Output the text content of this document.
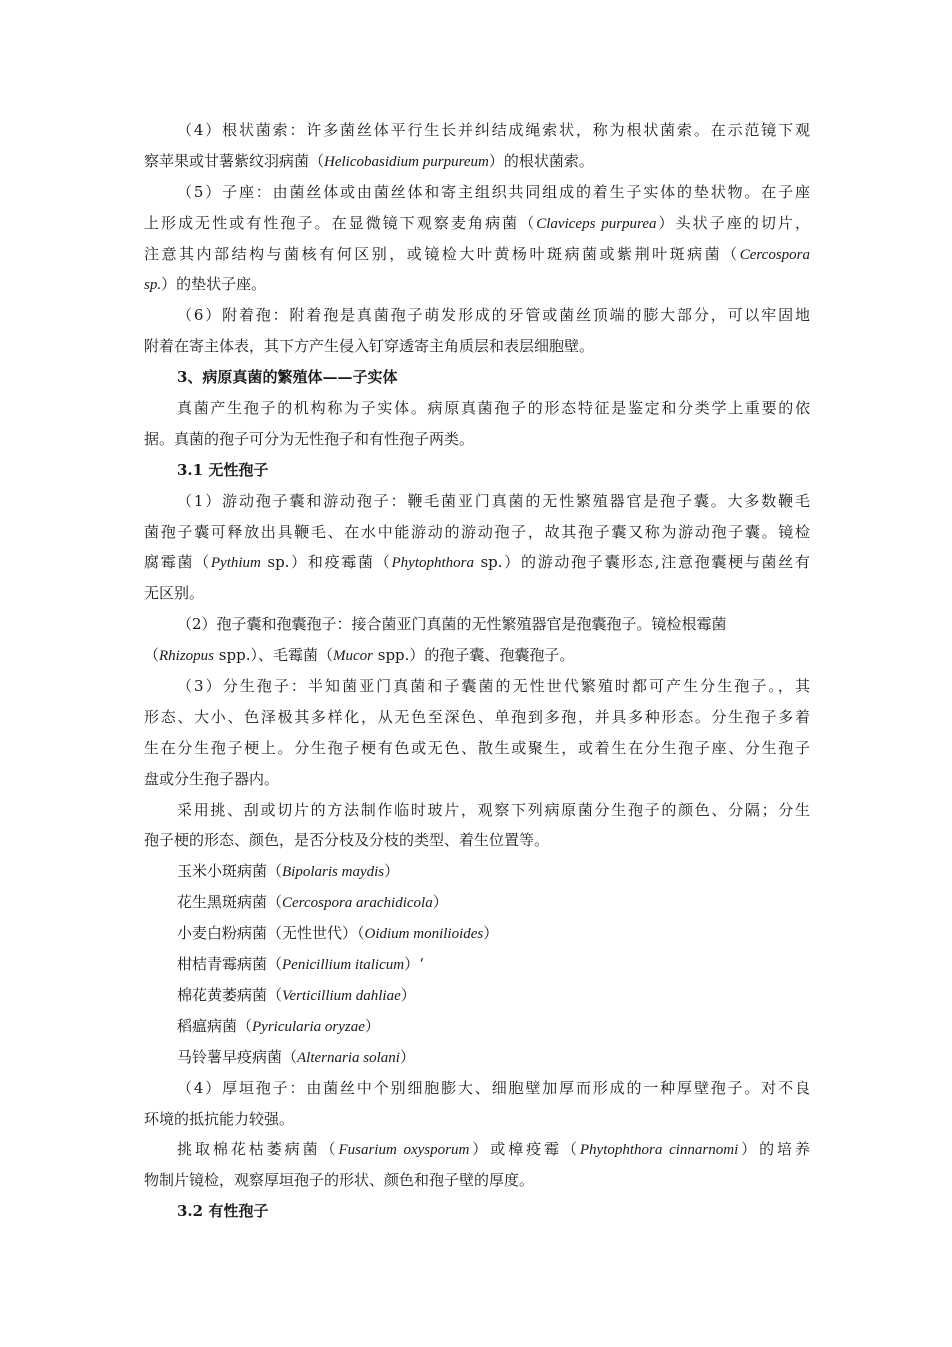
（4）根状菌索：许多菌丝体平行生长并纠结成绳索状，称为根状菌索。在示范镜下观
察苹果或甘薯紫纹羽病菌（Helicobasidium purpureum）的根状菌索。
（5）子座：由菌丝体或由菌丝体和寄主组织共同组成的着生子实体的垫状物。在子座
上形成无性或有性孢子。在显微镜下观察麦角病菌（Claviceps purpurea）头状子座的切片，
注意其内部结构与菌核有何区别，或镜检大叶黄杨叶斑病菌或紫荆叶斑病菌（Cercospora
sp.）的垫状子座。
（6）附着孢：附着孢是真菌孢子萌发形成的牙管或菌丝顶端的膨大部分，可以牢固地
附着在寄主体表，其下方产生侵入钉穿透寄主角质层和表层细胞壁。
3、病原真菌的繁殖体——子实体
真菌产生孢子的机构称为子实体。病原真菌孢子的形态特征是鉴定和分类学上重要的依
据。真菌的孢子可分为无性孢子和有性孢子两类。
3.1 无性孢子
（1）游动孢子囊和游动孢子：鞭毛菌亚门真菌的无性繁殖器官是孢子囊。大多数鞭毛
菌孢子囊可释放出具鞭毛、在水中能游动的游动孢子，故其孢子囊又称为游动孢子囊。镜检
腐霉菌（Pythium sp.）和疫霉菌（Phytophthora sp.）的游动孢子囊形态,注意孢囊梗与菌丝有
无区别。
（2）孢子囊和孢囊孢子：接合菌亚门真菌的无性繁殖器官是孢囊孢子。镜检根霉菌
（Rhizopus spp.）、毛霉菌（Mucor spp.）的孢子囊、孢囊孢子。
（3）分生孢子：半知菌亚门真菌和子囊菌的无性世代繁殖时都可产生分生孢子。，其
形态、大小、色泽极其多样化，从无色至深色、单孢到多孢，并具多种形态。分生孢子多着
生在分生孢子梗上。分生孢子梗有色或无色、散生或聚生，或着生在分生孢子座、分生孢子
盘或分生孢子器内。
采用挑、刮或切片的方法制作临时玻片，观察下列病原菌分生孢子的颜色、分隔；分生
孢子梗的形态、颜色，是否分枝及分枝的类型、着生位置等。
玉米小斑病菌（Bipolaris maydis）
花生黑斑病菌（Cercospora arachidicola）
小麦白粉病菌（无性世代）（Oidium monilioides）
柑桔青霉病菌（Penicillium italicum）‘
棉花黄萎病菌（Verticillium dahliae）
稻瘟病菌（Pyricularia oryzae）
马铃薯早疫病菌（Alternaria solani）
（4）厚垣孢子：由菌丝中个别细胞膨大、细胞壁加厚而形成的一种厚壁孢子。对不良
环境的抵抗能力较强。
挑取棉花枯萎病菌（Fusarium oxysporum）或樟疫霉（Phytophthora cinnarnomi）的培养
物制片镜检，观察厚垣孢子的形状、颜色和孢子壁的厚度。
3.2 有性孢子
